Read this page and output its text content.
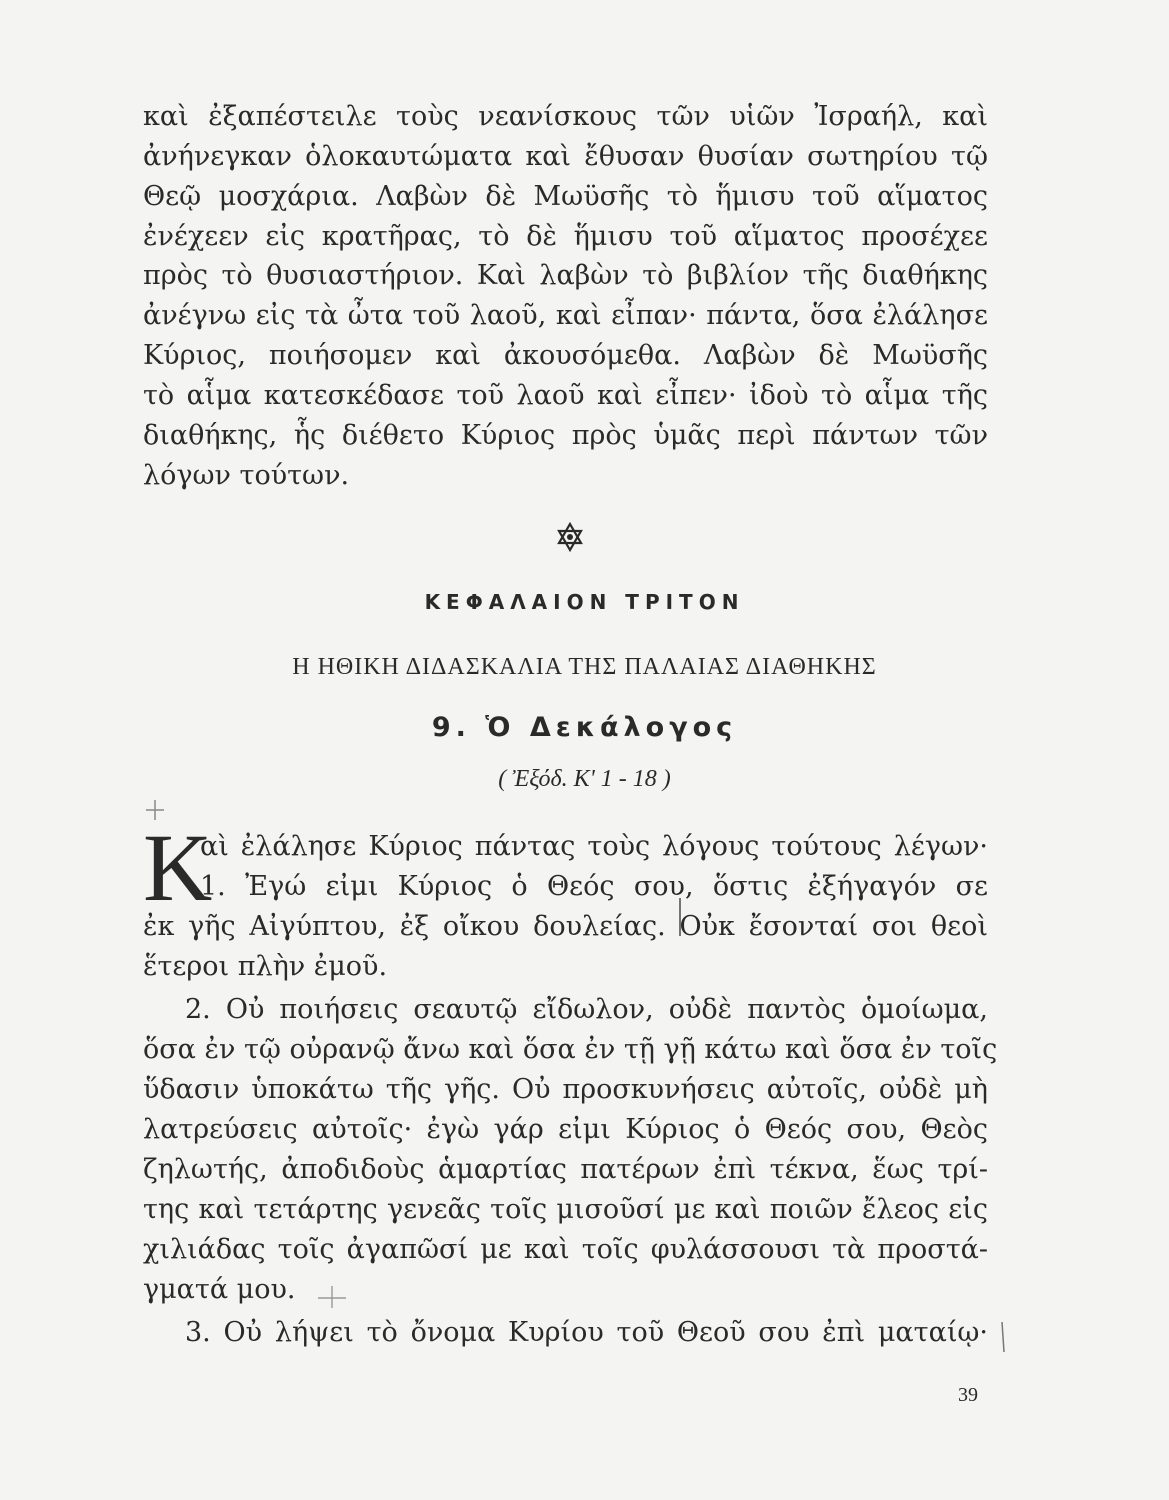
καὶ ἐξαπέστειλε τοὺς νεανίσκους τῶν υἱῶν Ἰσραήλ, καὶ
ἀνήνεγκαν ὁλοκαυτώματα καὶ ἔθυσαν θυσίαν σωτηρίου τῷ
Θεῷ μοσχάρια. Λαβὼν δὲ Μωϋσῆς τὸ ἥμισυ τοῦ αἵματος
ἐνέχεεν εἰς κρατῆρας, τὸ δὲ ἥμισυ τοῦ αἵματος προσέχεε
πρὸς τὸ θυσιαστήριον. Καὶ λαβὼν τὸ βιβλίον τῆς διαθήκης
ἀνέγνω εἰς τὰ ὦτα τοῦ λαοῦ, καὶ εἶπαν· πάντα, ὅσα ἐλάλησε
Κύριος, ποιήσομεν καὶ ἀκουσόμεθα. Λαβὼν δὲ Μωϋσῆς
τὸ αἷμα κατεσκέδασε τοῦ λαοῦ καὶ εἶπεν· ἰδοὺ τὸ αἷμα τῆς
διαθήκης, ἧς διέθετο Κύριος πρὸς ὑμᾶς περὶ πάντων τῶν
λόγων τούτων.
ΚΕΦΑΛΑΙΟΝ ΤΡΙΤΟΝ
Η ΗΘΙΚΗ ΔΙΔΑΣΚΑΛΙΑ ΤΗΣ ΠΑΛΑΙΑΣ ΔΙΑΘΗΚΗΣ
9. Ὁ Δεκάλογος
( Ἐξόδ. Κ' 1 - 18 )
Κ
αὶ ἐλάλησε Κύριος πάντας τοὺς λόγους τούτους λέγων·
1. Ἐγώ εἰμι Κύριος ὁ Θεός σου, ὅστις ἐξήγαγόν σε
ἐκ γῆς Αἰγύπτου, ἐξ οἴκου δουλείας. Οὐκ ἔσονταί σοι θεοὶ
ἕτεροι πλὴν ἐμοῦ.
2. Οὐ ποιήσεις σεαυτῷ εἴδωλον, οὐδὲ παντὸς ὁμοίωμα,
ὅσα ἐν τῷ οὐρανῷ ἄνω καὶ ὅσα ἐν τῇ γῇ κάτω καὶ ὅσα ἐν τοῖς
ὕδασιν ὑποκάτω τῆς γῆς. Οὐ προσκυνήσεις αὐτοῖς, οὐδὲ μὴ
λατρεύσεις αὐτοῖς· ἐγὼ γάρ εἰμι Κύριος ὁ Θεός σου, Θεὸς
ζηλωτής, ἀποδιδοὺς ἁμαρτίας πατέρων ἐπὶ τέκνα, ἕως τρί-
της καὶ τετάρτης γενεᾶς τοῖς μισοῦσί με καὶ ποιῶν ἔλεος εἰς
χιλιάδας τοῖς ἀγαπῶσί με καὶ τοῖς φυλάσσουσι τὰ προστά-
γματά μου.
3. Οὐ λήψει τὸ ὄνομα Κυρίου τοῦ Θεοῦ σου ἐπὶ ματαίῳ·
39
